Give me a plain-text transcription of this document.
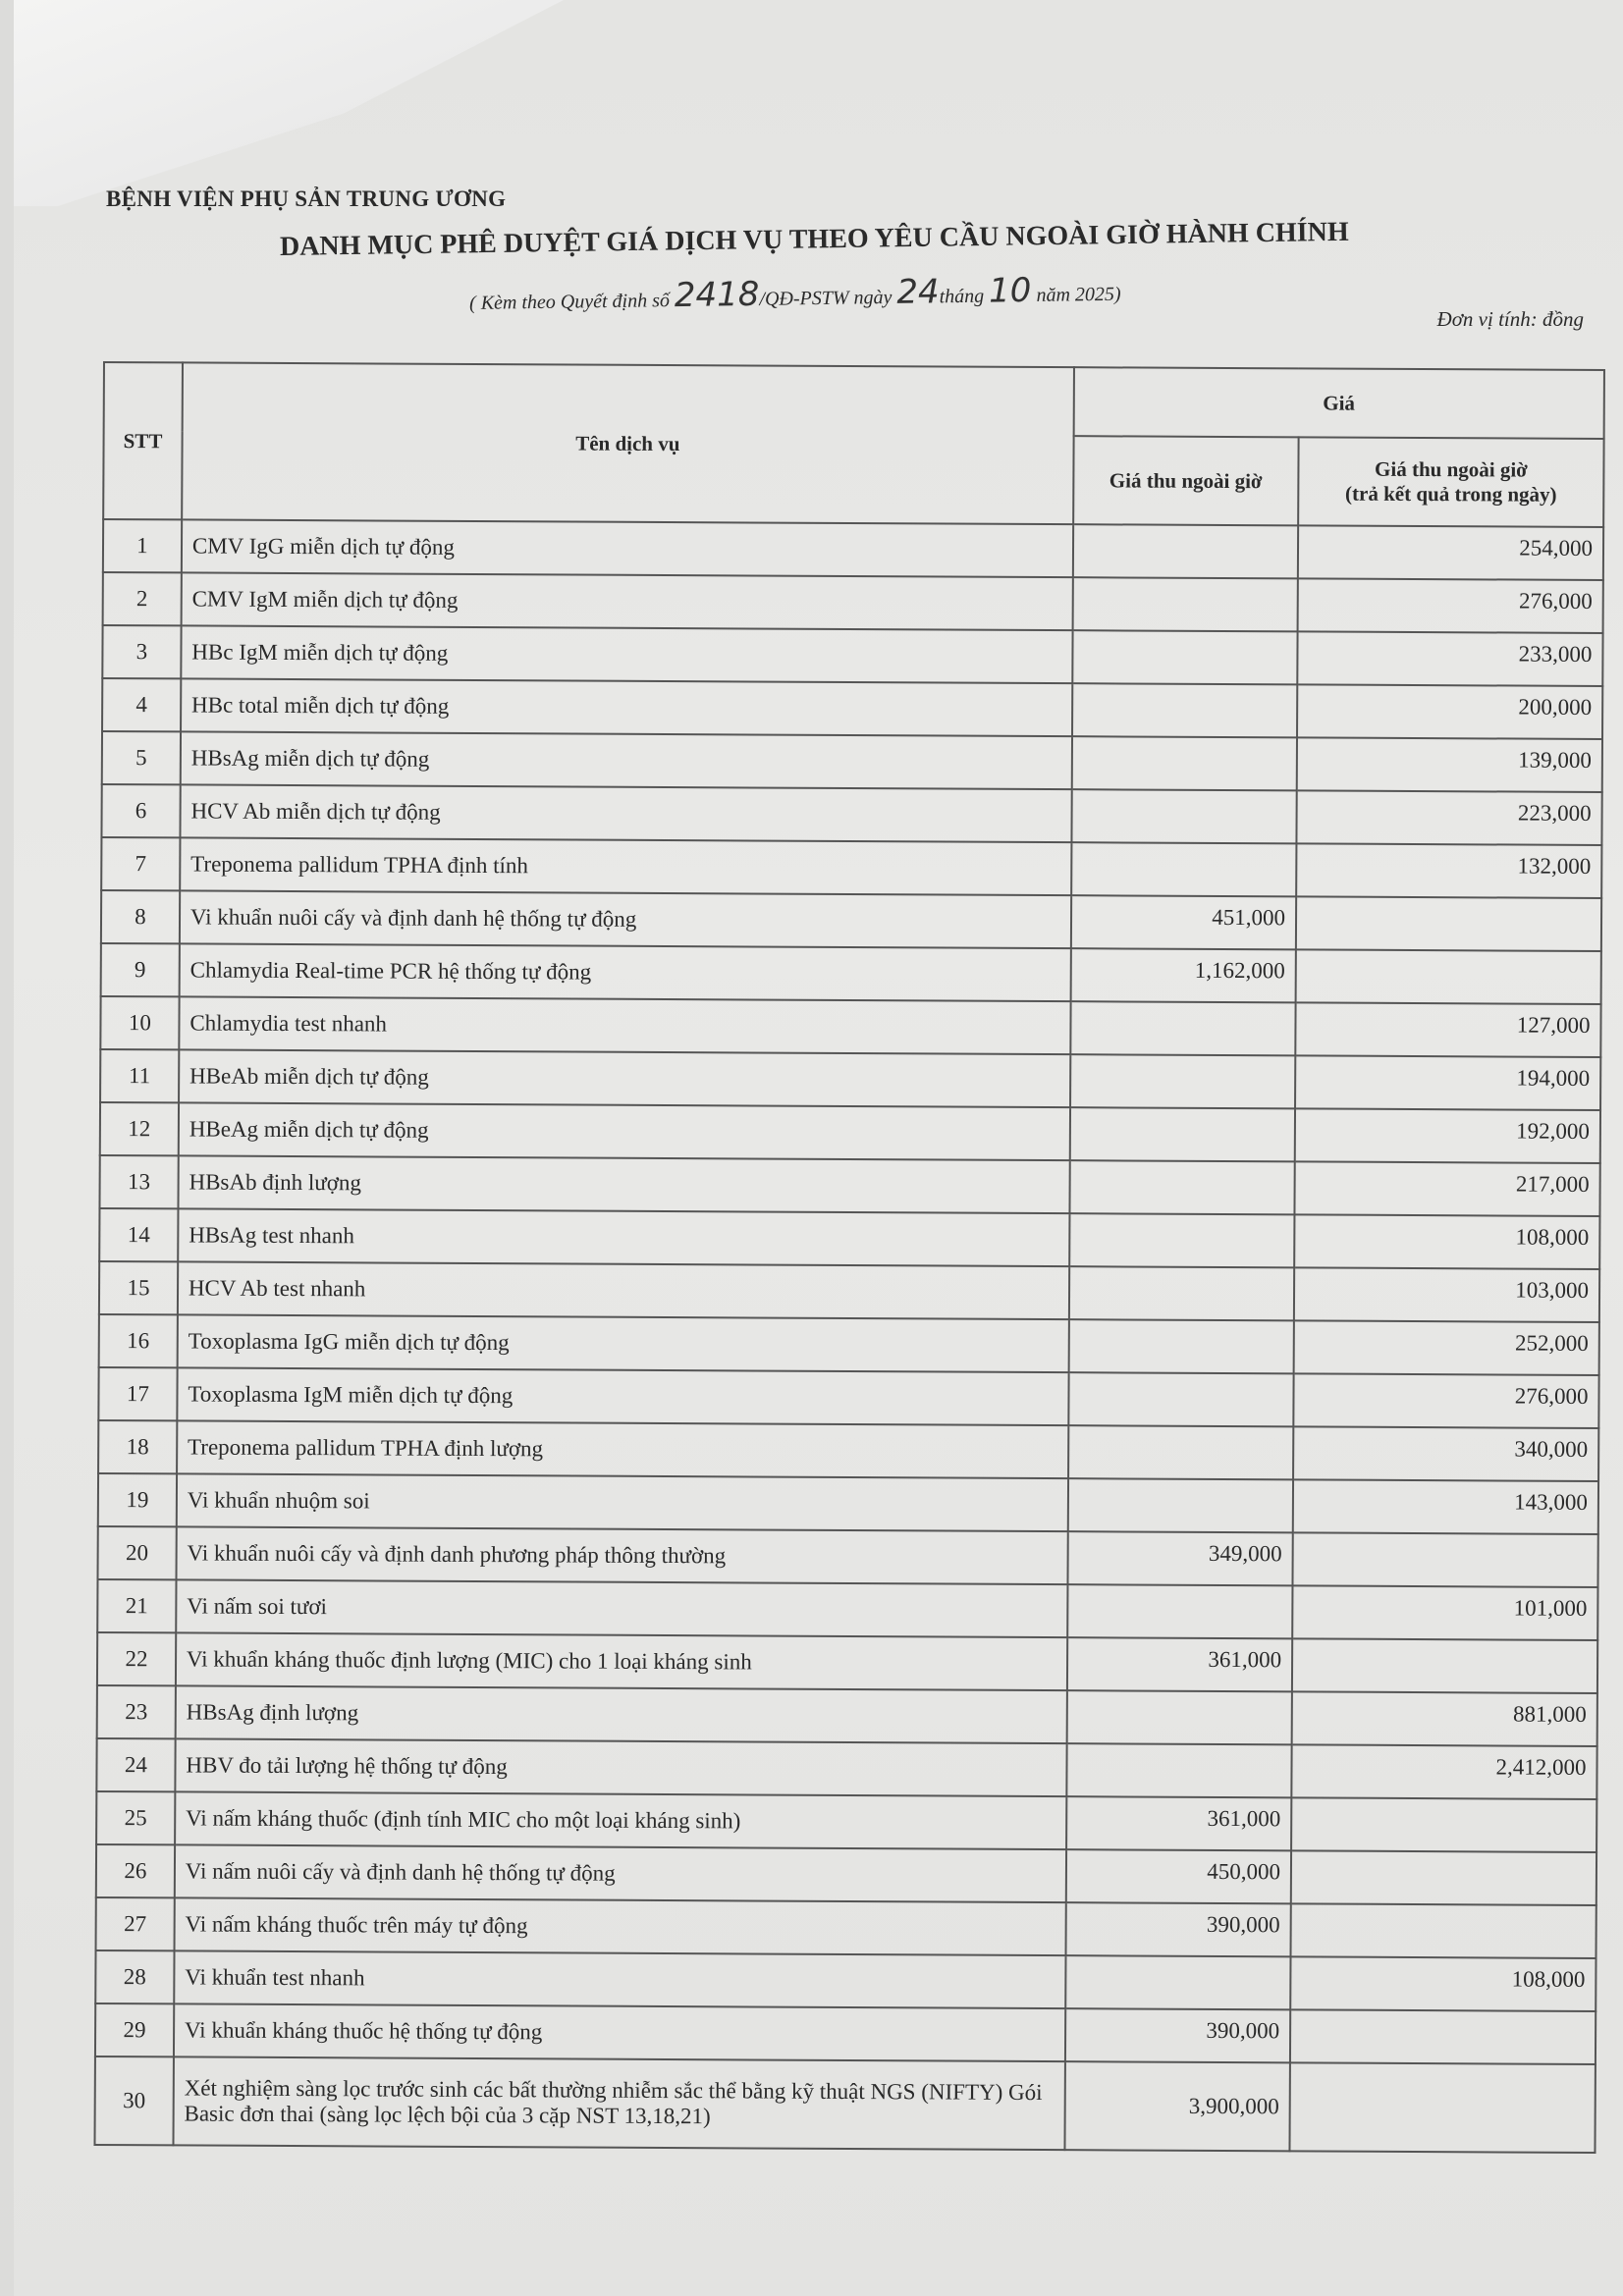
BỆNH VIỆN PHỤ SẢN TRUNG ƯƠNG
DANH MỤC PHÊ DUYỆT GIÁ DỊCH VỤ THEO YÊU CẦU NGOÀI GIỜ HÀNH CHÍNH
( Kèm theo Quyết định số 2418/QĐ-PSTW ngày 24tháng 10 năm 2025)
Đơn vị tính: đồng
STT	Tên dịch vụ	Giá	
		Giá thu ngoài giờ	Giá thu ngoài giờ
(trả kết quả trong ngày)

1	CMV IgG miễn dịch tự động		254,000
2	CMV IgM miễn dịch tự động		276,000
3	HBc IgM miễn dịch tự động		233,000
4	HBc total miễn dịch tự động		200,000
5	HBsAg miễn dịch tự động		139,000
6	HCV Ab miễn dịch tự động		223,000
7	Treponema pallidum TPHA định tính		132,000
8	Vi khuẩn nuôi cấy và định danh hệ thống tự động	451,000	
9	Chlamydia Real-time PCR hệ thống tự động	1,162,000	
10	Chlamydia test nhanh		127,000
11	HBeAb miễn dịch tự động		194,000
12	HBeAg miễn dịch tự động		192,000
13	HBsAb định lượng		217,000
14	HBsAg test nhanh		108,000
15	HCV Ab test nhanh		103,000
16	Toxoplasma IgG miễn dịch tự động		252,000
17	Toxoplasma IgM miễn dịch tự động		276,000
18	Treponema pallidum TPHA định lượng		340,000
19	Vi khuẩn nhuộm soi		143,000
20	Vi khuẩn nuôi cấy và định danh phương pháp thông thường	349,000	
21	Vi nấm soi tươi		101,000
22	Vi khuẩn kháng thuốc định lượng (MIC) cho 1 loại kháng sinh	361,000	
23	HBsAg định lượng		881,000
24	HBV đo tải lượng hệ thống tự động		2,412,000
25	Vi nấm kháng thuốc (định tính MIC cho một loại kháng sinh)	361,000	
26	Vi nấm nuôi cấy và định danh hệ thống tự động	450,000	
27	Vi nấm kháng thuốc trên máy tự động	390,000	
28	Vi khuẩn test nhanh		108,000
29	Vi khuẩn kháng thuốc hệ thống tự động	390,000	
30	Xét nghiệm sàng lọc trước sinh các bất thường nhiễm sắc thể bằng kỹ thuật NGS (NIFTY) Gói Basic đơn thai (sàng lọc lệch bội của 3 cặp NST 13,18,21)	3,900,000	
